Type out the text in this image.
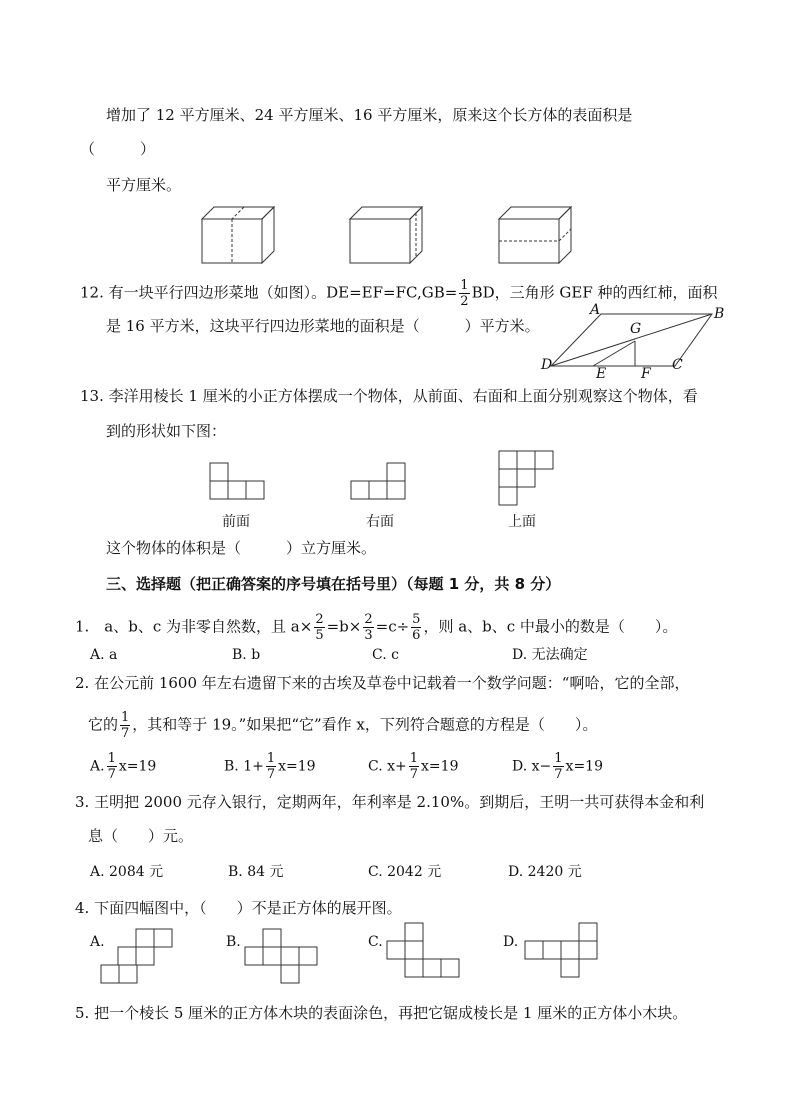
增加了 12 平方厘米、24 平方厘米、16 平方厘米，原来这个长方体的表面积是
（　　　）
平方厘米。
12. 有一块平行四边形菜地（如图）。$DE=EF=FC,GB= \frac{1}{2}$ BD，三角形 GEF 种的西红柿，面积
是 16 平方米，这块平行四边形菜地的面积是（　　　）平方米。
A	B
C
D
E F
G
13. 李洋用棱长 1 厘米的小正方体摆成一个物体，从前面、右面和上面分别观察这个物体，看
到的形状如下图：
前面	右面	上面
这个物体的体积是（　　　）立方厘米。
三、选择题（把正确答案的序号填在括号里）（每题 1 分，共 8 分）
1.　a、b、c 为非零自然数，且 $a\times \frac{2}{5} =b\times \frac{2}{3} =c\div \frac{5}{6}$ ，则 a、b、c 中最小的数是（　　）。
A. a	B. b	C. c	D. 无法确定
2. 在公元前 1600 年左右遗留下来的古埃及草卷中记载着一个数学问题：“啊哈，它的全部，
它的 $\frac{1}{7}$ ，其和等于 19。”如果把“它”看作 x，下列符合题意的方程是（　　）。
A. $\frac{1}{7} x=19$	B. $1+ \frac{1}{7} x=19$	C. $x+ \frac{1}{7} x=19$	D. $x- \frac{1}{7} x=19$
3. 王明把 2000 元存入银行，定期两年，年利率是 2.10%。到期后，王明一共可获得本金和利
息（　　）元。
A. 2084 元	B. 84 元	C. 2042 元	D. 2420 元
4. 下面四幅图中，（　　）不是正方体的展开图。
A.	B.	C.	D.
5. 把一个棱长 5 厘米的正方体木块的表面涂色，再把它锯成棱长是 1 厘米的正方体小木块。
